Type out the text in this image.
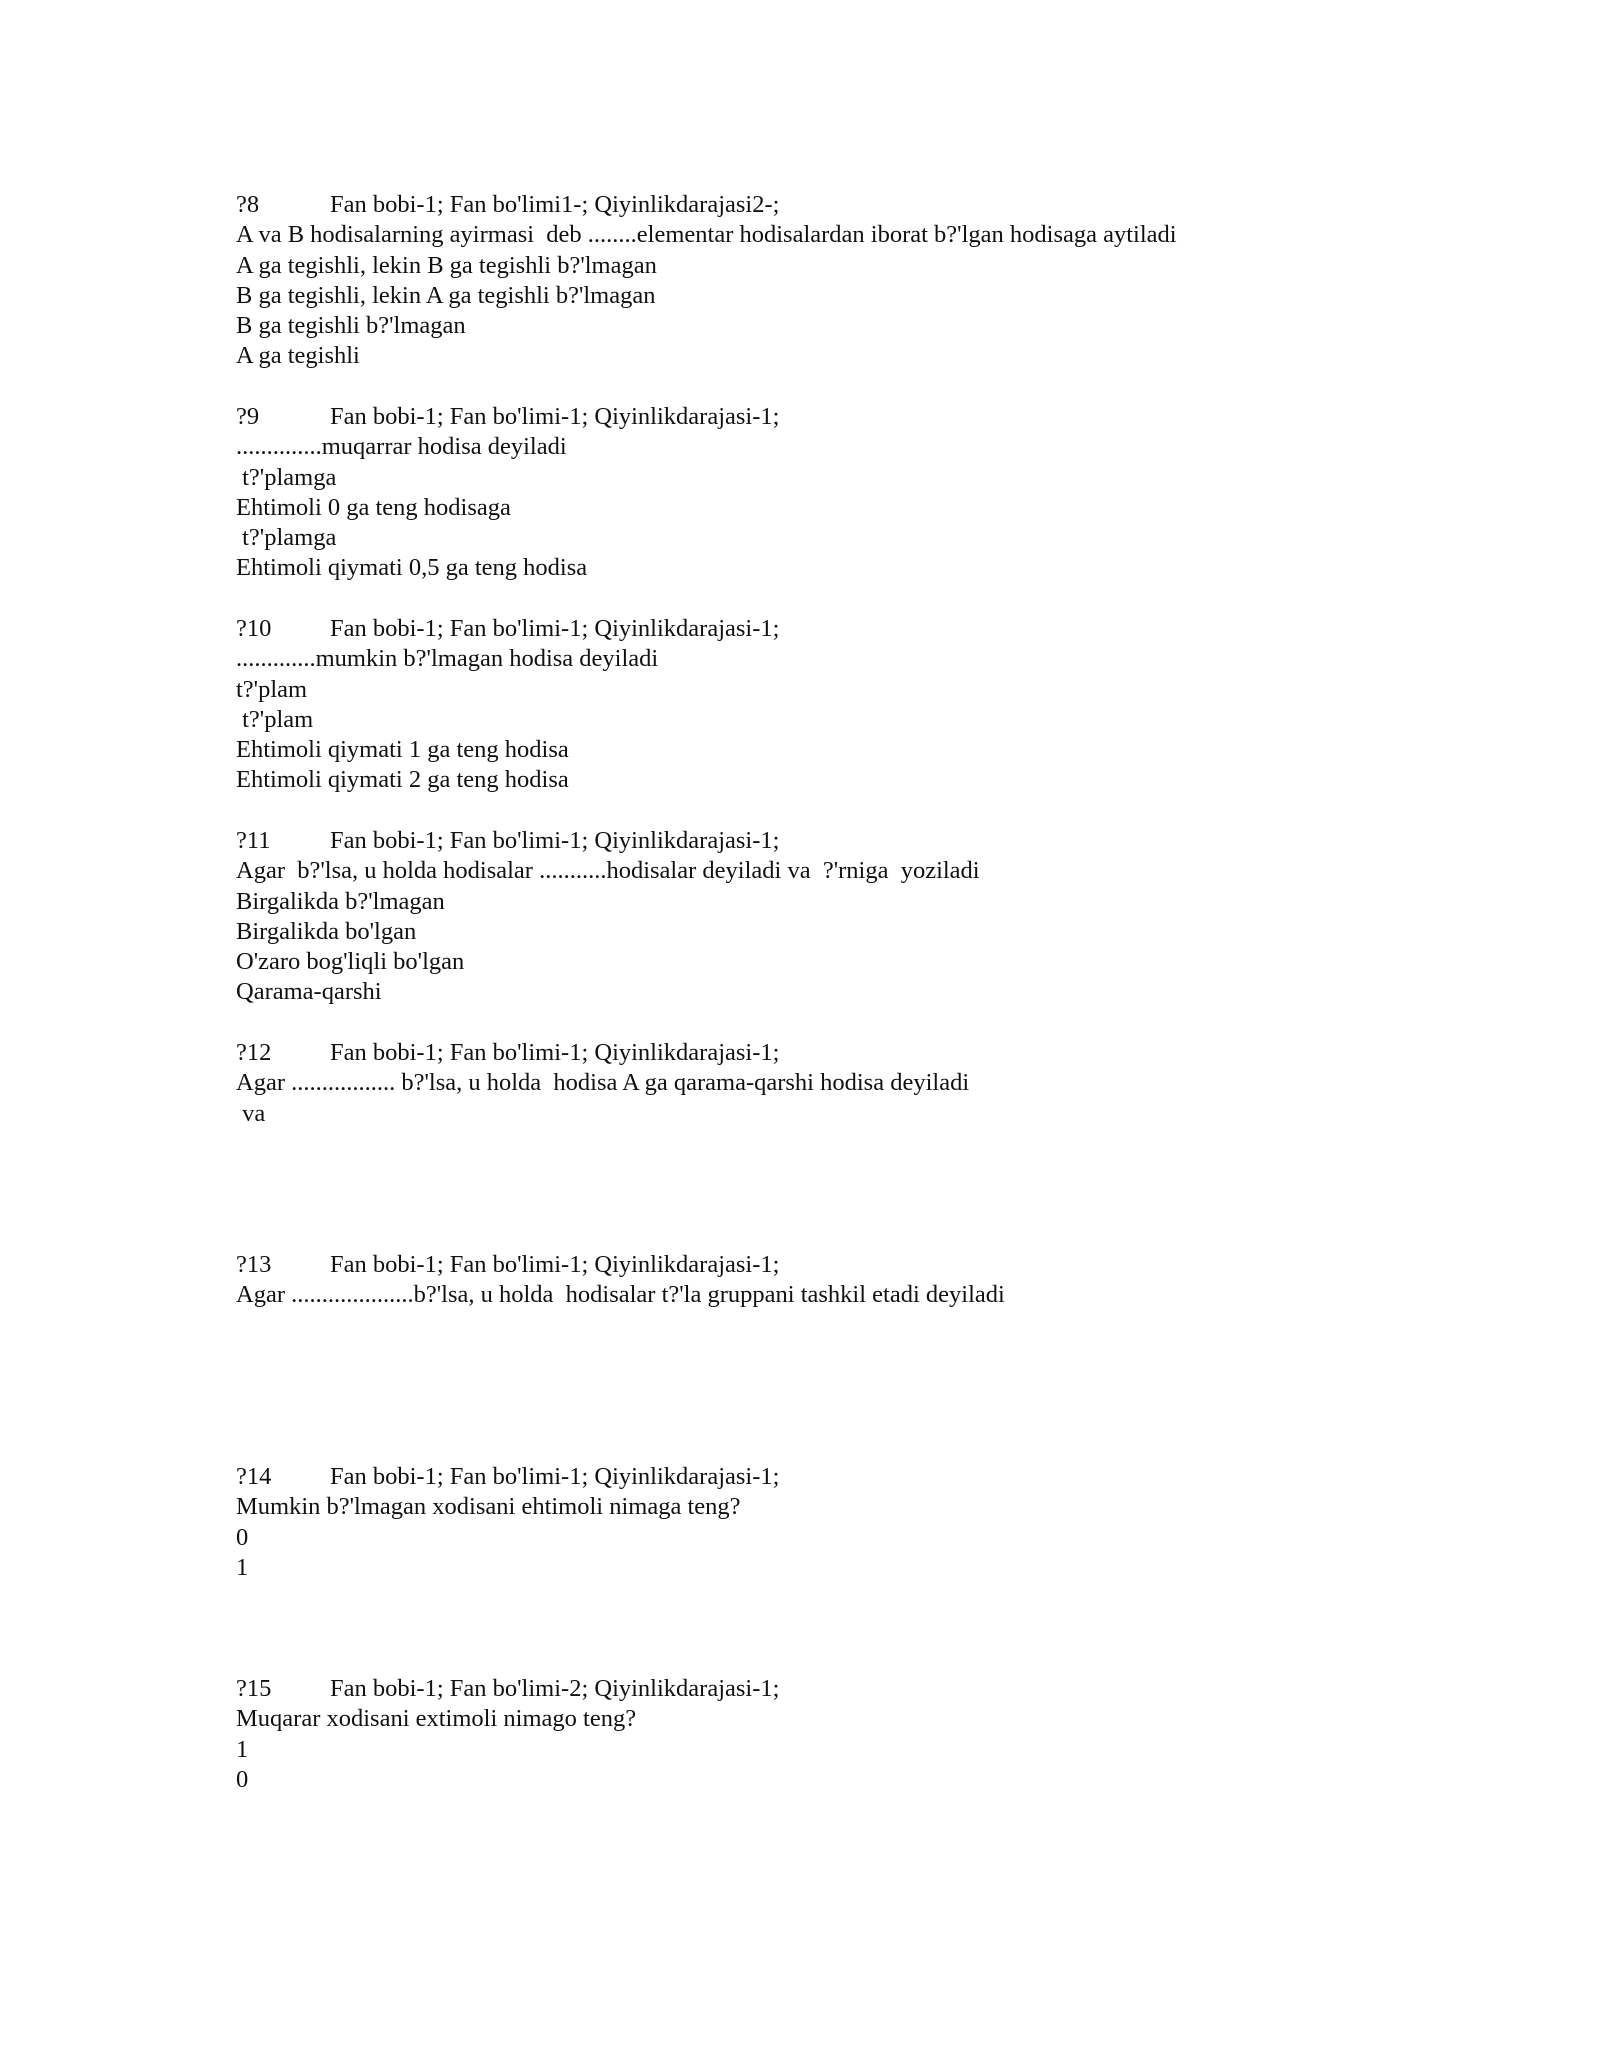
?8	Fan bobi-1; Fan bo'limi1-; Qiyinlikdarajasi2-;
A va B hodisalarning ayirmasi  deb ........elementar hodisalardan iborat b?'lgan hodisaga aytiladi
A ga tegishli, lekin B ga tegishli b?'lmagan
B ga tegishli, lekin A ga tegishli b?'lmagan
B ga tegishli b?'lmagan
A ga tegishli
?9	Fan bobi-1; Fan bo'limi-1; Qiyinlikdarajasi-1;
..............muqarrar hodisa deyiladi
t?'plamga
Ehtimoli 0 ga teng hodisaga
t?'plamga
Ehtimoli qiymati 0,5 ga teng hodisa
?10 Fan bobi-1; Fan bo'limi-1; Qiyinlikdarajasi-1;
.............mumkin b?'lmagan hodisa deyiladi
t?'plam
t?'plam
Ehtimoli qiymati 1 ga teng hodisa
Ehtimoli qiymati 2 ga teng hodisa
?11 Fan bobi-1; Fan bo'limi-1; Qiyinlikdarajasi-1;
Agar  b?'lsa, u holda hodisalar ...........hodisalar deyiladi va  ?'rniga  yoziladi
Birgalikda b?'lmagan
Birgalikda bo'lgan
O'zaro bog'liqli bo'lgan
Qarama-qarshi
?12 Fan bobi-1; Fan bo'limi-1; Qiyinlikdarajasi-1;
Agar ................. b?'lsa, u holda  hodisa A ga qarama-qarshi hodisa deyiladi
va
?13 Fan bobi-1; Fan bo'limi-1; Qiyinlikdarajasi-1;
Agar ....................b?'lsa, u holda  hodisalar t?'la gruppani tashkil etadi deyiladi
?14 Fan bobi-1; Fan bo'limi-1; Qiyinlikdarajasi-1;
Mumkin b?'lmagan xodisani ehtimoli nimaga teng?
0
1
?15 Fan bobi-1; Fan bo'limi-2; Qiyinlikdarajasi-1;
Muqarar xodisani extimoli nimago teng?
1
0
